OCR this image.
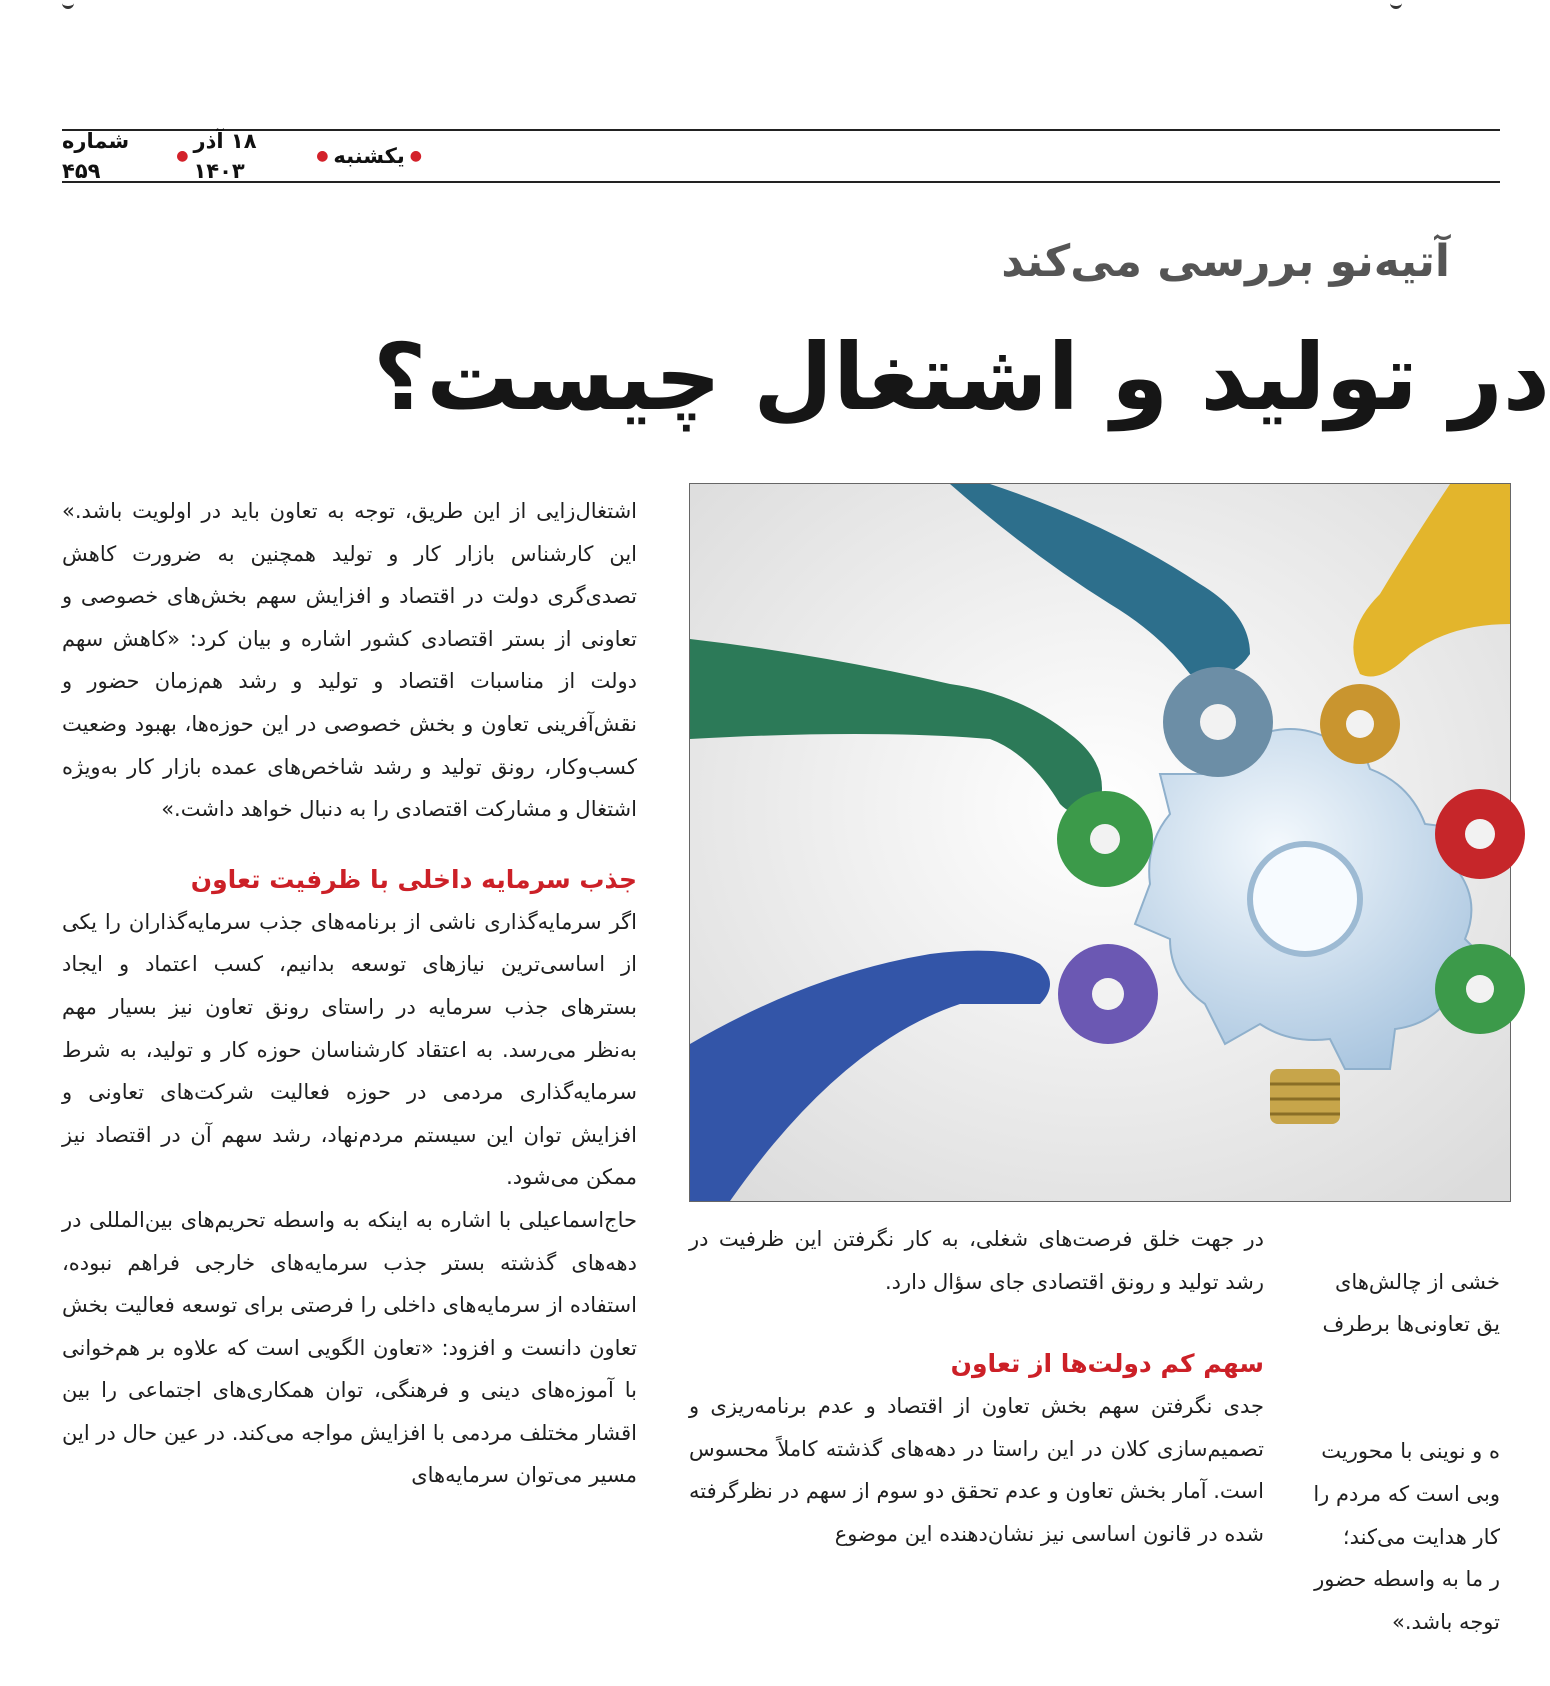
●
یکشنبه
●
۱۸ آذر ۱۴۰۳
●
شماره ۴۵۹
آتیه‌نو بررسی می‌کند
در تولید و اشتغال چیست؟

اشتغال‌زایی از این طریق، توجه به تعاون باید در اولویت باشد.» این کارشناس بازار کار و تولید همچنین به ضرورت کاهش تصدی‌گری دولت در اقتصاد و افزایش سهم بخش‌های خصوصی و تعاونی از بستر اقتصادی کشور اشاره و بیان کرد: «کاهش سهم دولت از مناسبات اقتصاد و تولید و رشد هم‌زمان حضور و نقش‌آفرینی تعاون و بخش خصوصی در این حوزه‌ها، بهبود وضعیت کسب‌وکار، رونق تولید و رشد شاخص‌های عمده بازار کار به‌ویژه اشتغال و مشارکت اقتصادی را به دنبال خواهد داشت.»

جذب سرمایه داخلی با ظرفیت تعاون

اگر سرمایه‌گذاری ناشی از برنامه‌های جذب سرمایه‌گذاران را یکی از اساسی‌ترین نیازهای توسعه بدانیم، کسب اعتماد و ایجاد بسترهای جذب سرمایه در راستای رونق تعاون نیز بسیار مهم به‌نظر می‌رسد. به اعتقاد کارشناسان حوزه کار و تولید، به شرط سرمایه‌گذاری مردمی در حوزه فعالیت شرکت‌های تعاونی و افزایش توان این سیستم مردم‌نهاد، رشد سهم آن در اقتصاد نیز ممکن می‌شود.

حاج‌اسماعیلی با اشاره به اینکه به واسطه تحریم‌های بین‌المللی در دهه‌های گذشته بستر جذب سرمایه‌های خارجی فراهم نبوده، استفاده از سرمایه‌های داخلی را فرصتی برای توسعه فعالیت بخش تعاون دانست و افزود: «تعاون الگویی است که علاوه بر هم‌خوانی با آموزه‌های دینی و فرهنگی، توان همکاری‌های اجتماعی را بین اقشار مختلف مردمی با افزایش مواجه می‌کند. در عین حال در این مسیر می‌توان سرمایه‌های

در جهت خلق فرصت‌های شغلی، به کار نگرفتن این ظرفیت در رشد تولید و رونق اقتصادی جای سؤال دارد.

سهم کم دولت‌ها از تعاون

جدی نگرفتن سهم بخش تعاون از اقتصاد و عدم برنامه‌ریزی و تصمیم‌سازی کلان در این راستا در دهه‌های گذشته کاملاً محسوس است. آمار بخش تعاون و عدم تحقق دو سوم از سهم در نظرگرفته شده در قانون اساسی نیز نشان‌دهنده این موضوع

خشی از چالش‌های
یق تعاونی‌ها برطرف

ه و نوینی با محوریت
وبی است که مردم را
کار هدایت می‌کند؛
ر ما به واسطه حضور
توجه باشد.»
